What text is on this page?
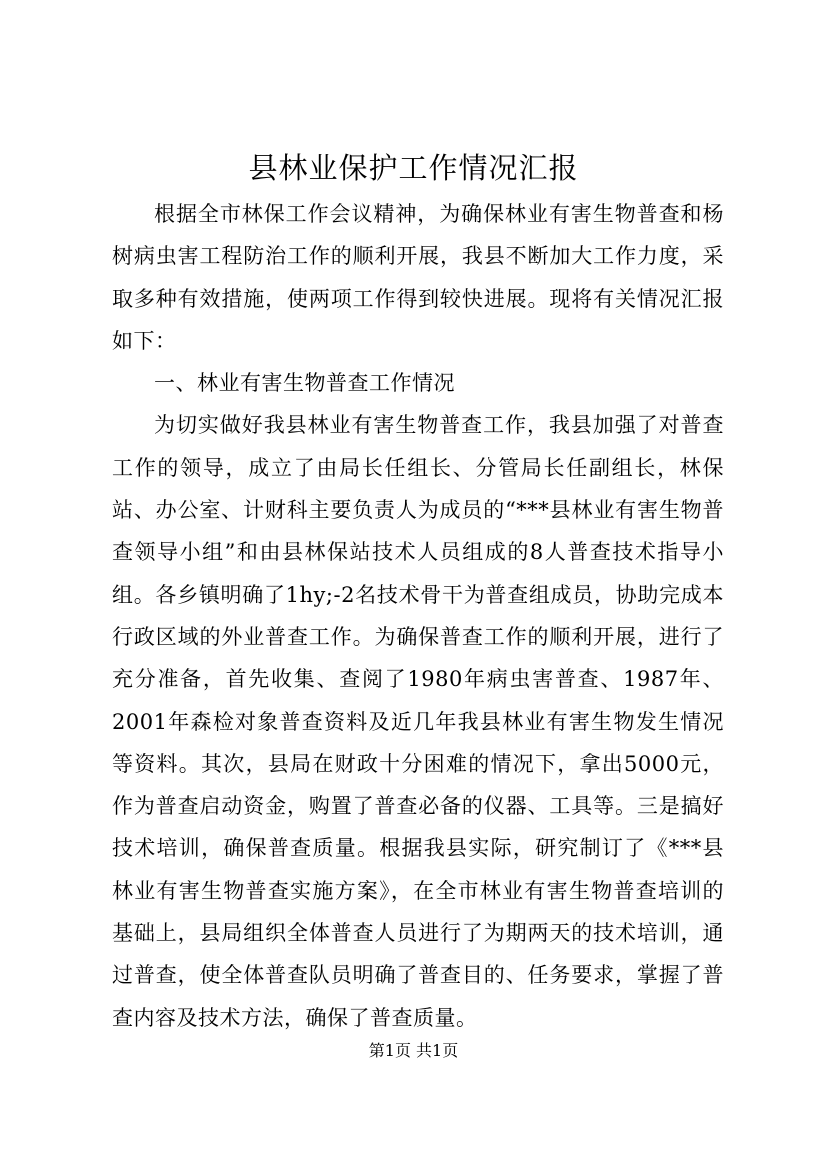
县林业保护工作情况汇报

根据全市林保工作会议精神，为确保林业有害生物普查和杨树病虫害工程防治工作的顺利开展，我县不断加大工作力度，采取多种有效措施，使两项工作得到较快进展。现将有关情况汇报如下：

一、林业有害生物普查工作情况

为切实做好我县林业有害生物普查工作，我县加强了对普查工作的领导，成立了由局长任组长、分管局长任副组长，林保站、办公室、计财科主要负责人为成员的“***县林业有害生物普查领导小组”和由县林保站技术人员组成的8人普查技术指导小组。各乡镇明确了1hy;-2名技术骨干为普查组成员，协助完成本行政区域的外业普查工作。为确保普查工作的顺利开展，进行了充分准备，首先收集、查阅了1980年病虫害普查、1987年、2001年森检对象普查资料及近几年我县林业有害生物发生情况等资料。其次，县局在财政十分困难的情况下，拿出5000元，作为普查启动资金，购置了普查必备的仪器、工具等。三是搞好技术培训，确保普查质量。根据我县实际，研究制订了《***县林业有害生物普查实施方案》，在全市林业有害生物普查培训的基础上，县局组织全体普查人员进行了为期两天的技术培训，通过普查，使全体普查队员明确了普查目的、任务要求，掌握了普查内容及技术方法，确保了普查质量。

第1页 共1页
